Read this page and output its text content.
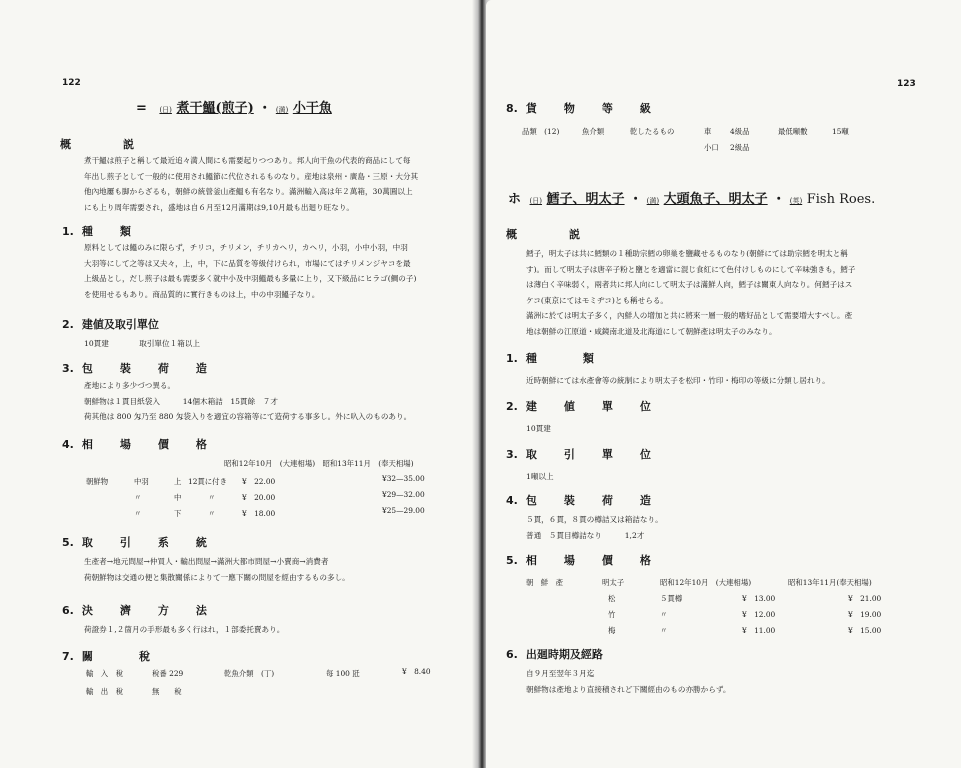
122
= (日) 煮干鰮(煎子) ・ (満) 小干魚
概　　説
煮干鰮は煎子と稱して最近追々満人間にも需要起りつつあり。邦人向干魚の代表的商品にして每
年出し煎子として一般的に使用され鰮節に代位されるものなり。産地は泉州・廣島・三原・大分其
他內地屢も脚からざるも，朝鮮の統營釜山產鰮も有名なり。滿洲輸入高は年２萬箱，30萬圓以上
にも上り周年需要され，盛地は自６月至12月滿期は9,10月最も出廻り旺なり。
1. 種　類
原料としては鰮のみに限らず，チリコ，チリメン，チリカヘリ，カヘリ，小羽，小中小羽，中羽
大羽等にして之等は又夫々，上，中，下に品質を等級付けられ，市場にてはチリメンジヤコを最
上級品とし，だし煎子は最も需要多く就中小及中羽鰮最も多量に上り，又下級品にヒラゴ(鯛の子)
を使用せるもあり。商品質的に實行きものは上，中の中羽鰮子なり。
2. 建値及取引單位
10貫建　　　　取引單位１箱以上
3. 包　裝　荷　造
產地により多少づつ異る。
朝鮮物は１貫目紙袋入　　　14個木箱詰　15貫餘　７才
荷其他は 800 匁乃至 880 匁袋入りを適宜の容箱等にて造荷する事多し。外に叺入のものあり。
4. 相　場　價　格
昭和12年10月　(大連相場)　昭和13年11月　(奉天相場)
朝鮮物	中羽	上 12貫に付き ¥　22.00	¥32—35.00
〃	中	〃	¥　20.00	¥29—32.00
〃	下	〃	¥　18.00	¥25—29.00
5. 取　引　系　統
生產者→地元問屋→仲買人・輸出問屋→滿洲大都市問屋→小賣商→消費者
荷朝鮮物は交通の便と集散關係によりて一應下關の問屋を經由するもの多し。
6. 決　濟　方　法
荷證券１,２箇月の手形最も多く行はれ，１部委托賣あり。
7. 關　　稅
輸　入　稅	稅番 229	乾魚介類　(丁)	每 100 瓩	¥　8.40
輸　出　稅	無　　稅
123
8. 貨　物　等　級
品類　(12)	魚介類	乾したるもの	車	4級品	最低噸數	15噸
小口 2級品
ホ (日) 鱈子、明太子 ・ (満) 大頭魚子、明太子 ・ (英) Fish Roes.
概　　説
鱈子，明太子は共に鱈類の１種助宗鱈の卵巢を鹽藏せるものなり(朝鮮にては助宗鱈を明太と稱
す)。而して明太子は唐辛子粉と鹽とを適當に混じ食紅にて色付けしものにして辛味強きも，鱈子
は薄白く辛味弱く，兩者共に邦人向にして明太子は滿鮮人向，鱈子は關東人向なり。何鱈子はス
ケコ(東京にてはモミヂコ)とも稱せらる。
滿洲に於ては明太子多く，內鮮人の增加と共に將來一層一般的嗜好品として需要増大すべし。產
地は朝鮮の江原道・咸鏡南北道及北海道にして朝鮮產は明太子のみなり。
1. 種　　類
近時朝鮮にては水產會等の統制により明太子を松印・竹印・梅印の等級に分類し居れり。
2. 建　値　單　位
10貫建
3. 取　引　單　位
1噸以上
4. 包　裝　荷　造
５貫，６貫，８貫の樽詰又は箱詰なり。
普通　５貫目樽詰なり　　　1,2才
5. 相　場　價　格
朝　鮮　產	明太子	昭和12年10月　(大連相場)	昭和13年11月(奉天相場)
松	５貫樽	¥　13.00	¥　21.00
竹	〃	¥　12.00	¥　19.00
梅	〃	¥　11.00	¥　15.00
6. 出廻時期及經路
自９月至翌年３月迄
朝鮮物は產地より直接積されど下關經由のもの亦勝からず。
